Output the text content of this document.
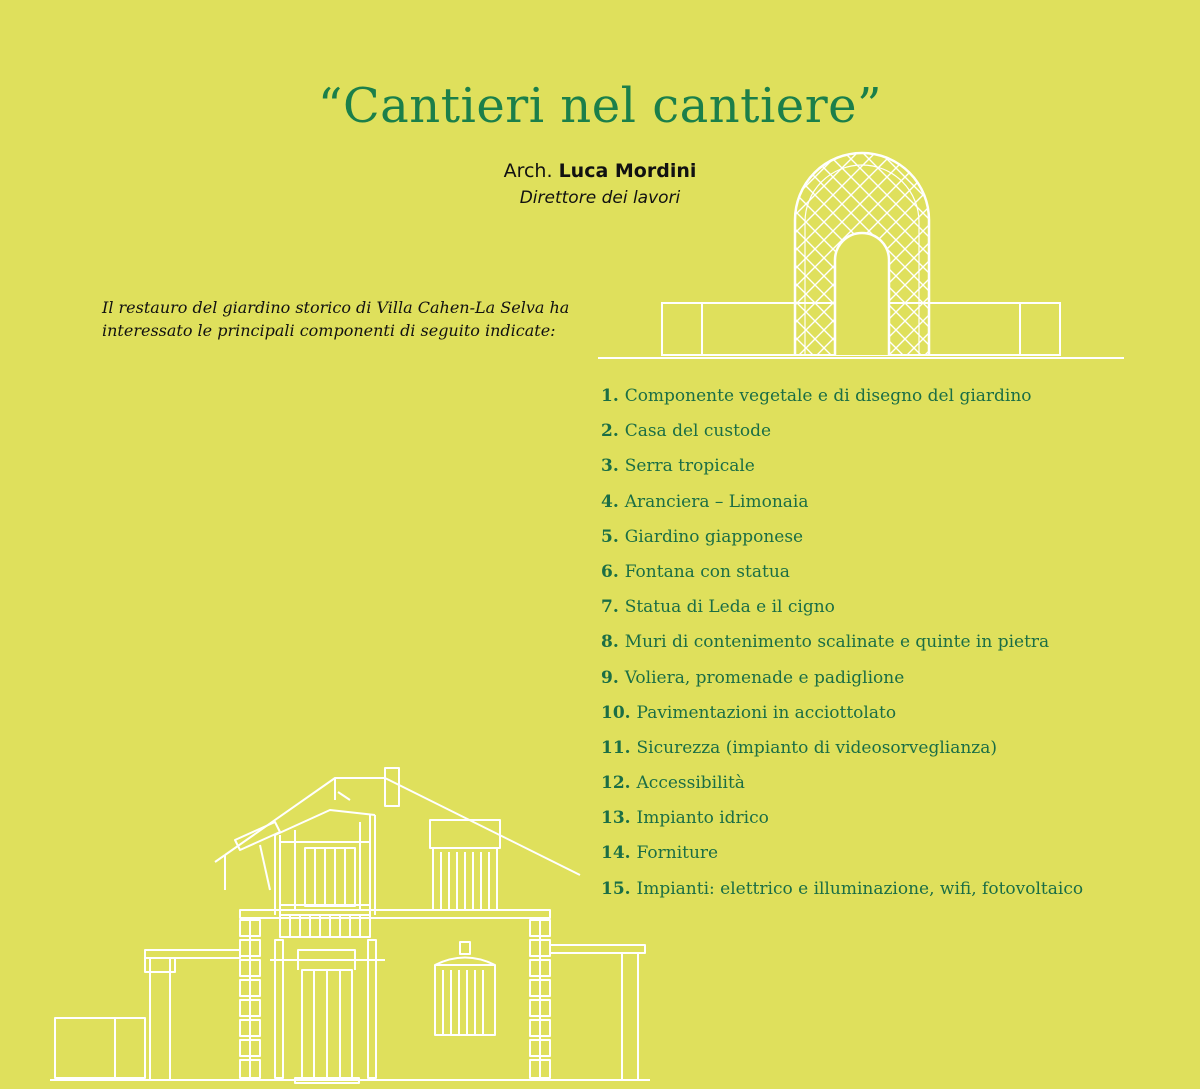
“Cantieri nel cantiere”
Arch. Luca Mordini
Direttore dei lavori
Il restauro del giardino storico di Villa Cahen-La Selva ha interessato le principali componenti di seguito indicate:
1. Componente vegetale e di disegno del giardino
2. Casa del custode
3. Serra tropicale
4. Aranciera – Limonaia
5. Giardino giapponese
6. Fontana con statua
7. Statua di Leda e il cigno
8. Muri di contenimento scalinate e quinte in pietra
9. Voliera, promenade e padiglione
10. Pavimentazioni in acciottolato
11. Sicurezza (impianto di videosorveglianza)
12. Accessibilità
13. Impianto idrico
14. Forniture
15. Impianti: elettrico e illuminazione, wifi, fotovoltaico
